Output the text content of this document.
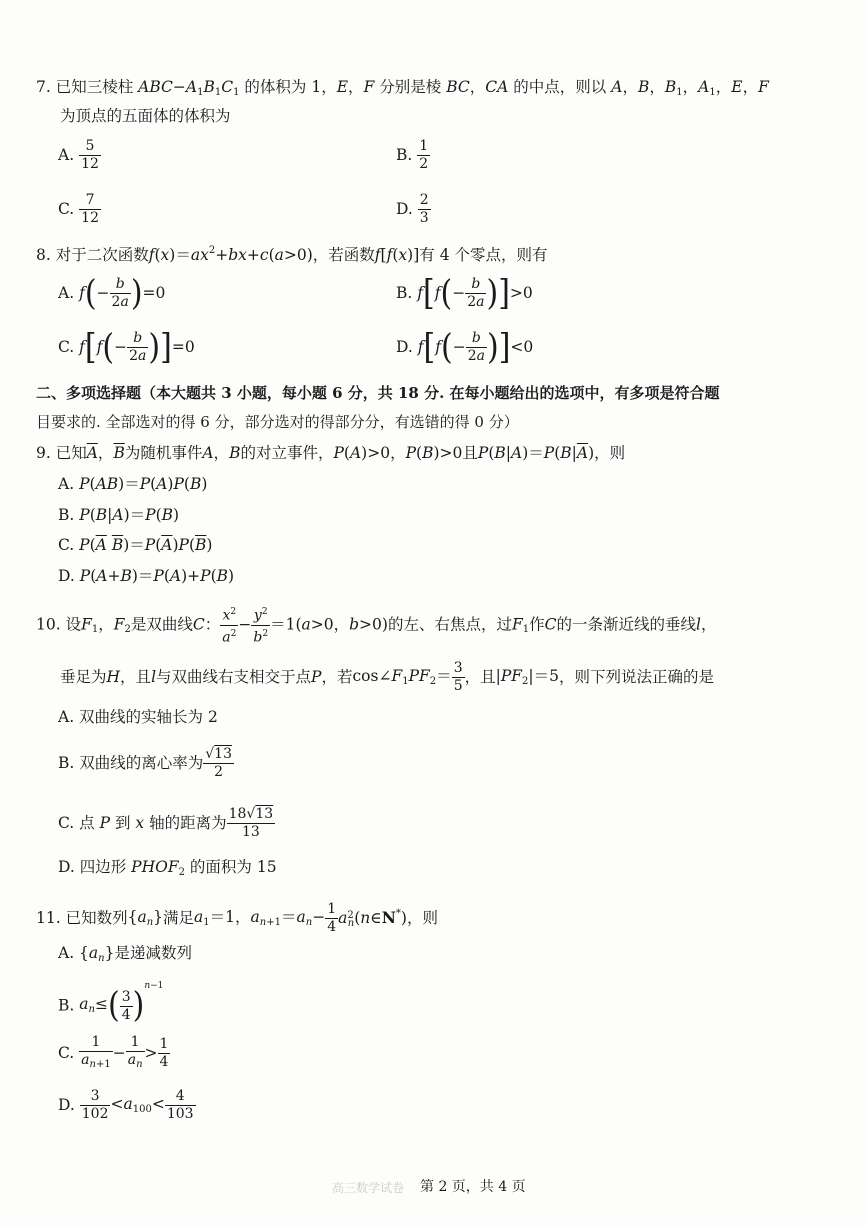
7. 已知三棱柱 $ABC-A_1B_1C_1$ 的体积为 1，E，F 分别是棱 BC，CA 的中点，则以 A，B，$B_1$，$A_1$，E，F
为顶点的五面体的体积为
A. $\frac{5}{12}$	B. $\frac{1}{2}$
C. $\frac{7}{12}$	D. $\frac{2}{3}$
8. 对于二次函数$f(x)=ax^2+bx+c(a>0)$，若函数f[f(x)]有 4 个零点，则有
A. $f(- \frac{b}{2a} )=0$	B. $f[f(- \frac{b}{2a} )]>0$
C. $f[f(- \frac{b}{2a} )]=0$	D. $f[f(- \frac{b}{2a} )]<0$
二、多项选择题（本大题共 3 小题，每小题 6 分，共 18 分. 在每小题给出的选项中，有多项是符合题
目要求的. 全部选对的得 6 分，部分选对的得部分分，有选错的得 0 分）
9. 已知$\overline{A}$，$\overline{B}$为随机事件A，B的对立事件，P(A)>0，P(B)>0且$P(B|A)=P(B|\overline{A})$，则
A. P(AB)＝P(A)P(B)
B. P(B|A)＝P(B)
C. $P(\overline{A}$ $\overline{B})=P(\overline{A})P(\overline{B})$
D. P(A+B)＝P(A)+P(B)
10. 设$F_1$，$F_2$是双曲线C： $\frac{x^2}{a^2} - \frac{y^2}{b^2} =1(a>0$，b>0)的左、右焦点，过$F_1$作C的一条渐近线的垂线l，
垂足为H，且l与双曲线右支相交于点P，若$\cos\angle F_1PF_2= \frac{3}{5}$ ，且$|PF_2|=5$，则下列说法正确的是
A. 双曲线的实轴长为 2
B. 双曲线的离心率为 $\frac{√13}{2}$
C. 点 P 到 x 轴的距离为 $\frac{18√13}{13}$
D. 四边形 $PHOF_2$ 的面积为 15
11. 已知数列$\{a_n\}$满足$a_1=1$，$a_{n+1}=a_n- \frac{1}{4}$ $a^2_n(n\in N^*)$，则
A. $\{a_n\}$是递减数列
B. $a_n\le( \frac{3}{4} )^{n-1}$
C. $\frac{1}{a_{n+1}} - \frac{1}{a_n} > \frac{1}{4}$
D. $\frac{3}{102} <a_{100}< \frac{4}{103}$
高三数学试卷 第 2 页，共 4 页
